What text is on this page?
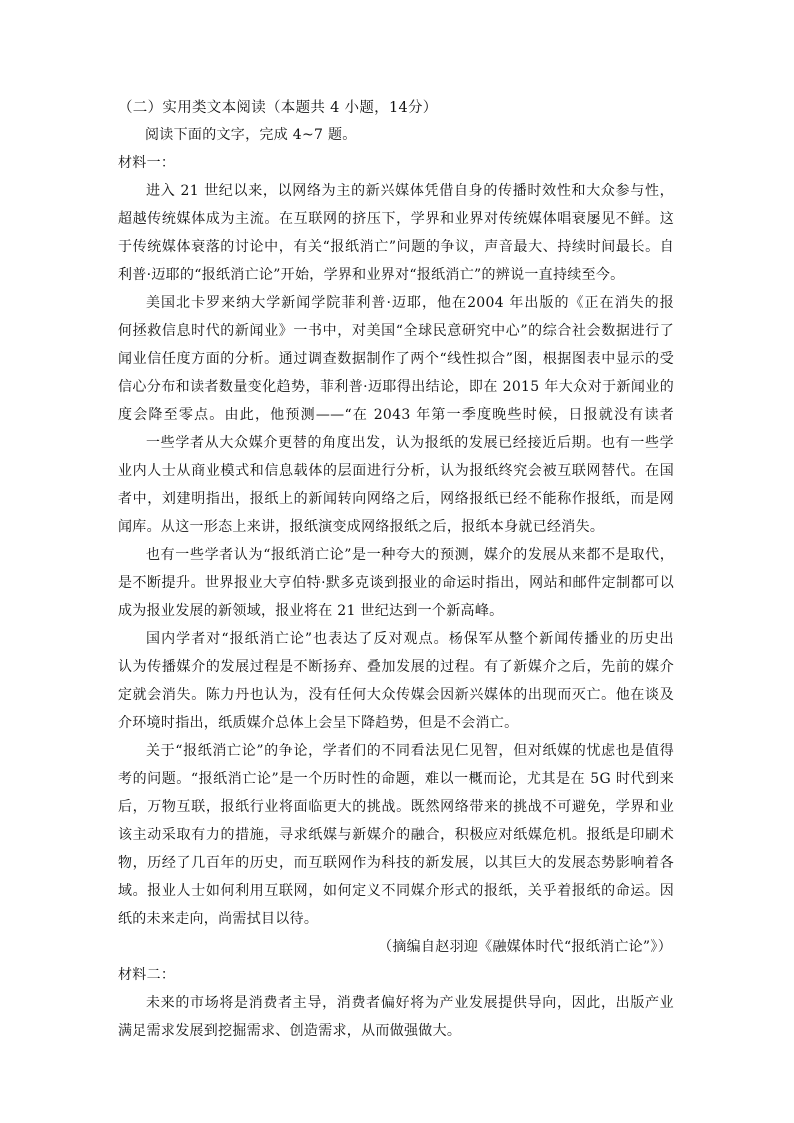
（二）实用类文本阅读（本题共 4 小题，14分）
阅读下面的文字，完成 4~7 题。
材料一：
进入 21 世纪以来，以网络为主的新兴媒体凭借自身的传播时效性和大众参与性，
超越传统媒体成为主流。在互联网的挤压下，学界和业界对传统媒体唱衰屡见不鲜。这
于传统媒体衰落的讨论中，有关“报纸消亡”问题的争议，声音最大、持续时间最长。自
利普·迈耶的“报纸消亡论”开始，学界和业界对“报纸消亡”的辨说一直持续至今。
美国北卡罗来纳大学新闻学院菲利普·迈耶，他在2004 年出版的《正在消失的报
何拯救信息时代的新闻业》一书中，对美国“全球民意研究中心”的综合社会数据进行了
闻业信任度方面的分析。通过调查数据制作了两个“线性拟合”图，根据图表中显示的受
信心分布和读者数量变化趋势，菲利普·迈耶得出结论，即在 2015 年大众对于新闻业的
度会降至零点。由此，他预测——“在 2043 年第一季度晚些时候，日报就没有读者
一些学者从大众媒介更替的角度出发，认为报纸的发展已经接近后期。也有一些学
业内人士从商业模式和信息载体的层面进行分析，认为报纸终究会被互联网替代。在国
者中，刘建明指出，报纸上的新闻转向网络之后，网络报纸已经不能称作报纸，而是网
闻库。从这一形态上来讲，报纸演变成网络报纸之后，报纸本身就已经消失。
也有一些学者认为“报纸消亡论”是一种夸大的预测，媒介的发展从来都不是取代，
是不断提升。世界报业大亨伯特·默多克谈到报业的命运时指出，网站和邮件定制都可以
成为报业发展的新领域，报业将在 21 世纪达到一个新高峰。
国内学者对“报纸消亡论”也表达了反对观点。杨保军从整个新闻传播业的历史出
认为传播媒介的发展过程是不断扬弃、叠加发展的过程。有了新媒介之后，先前的媒介
定就会消失。陈力丹也认为，没有任何大众传媒会因新兴媒体的出现而灭亡。他在谈及
介环境时指出，纸质媒介总体上会呈下降趋势，但是不会消亡。
关于“报纸消亡论”的争论，学者们的不同看法见仁见智，但对纸媒的忧虑也是值得
考的问题。“报纸消亡论”是一个历时性的命题，难以一概而论，尤其是在 5G 时代到来
后，万物互联，报纸行业将面临更大的挑战。既然网络带来的挑战不可避免，学界和业
该主动采取有力的措施，寻求纸媒与新媒介的融合，积极应对纸媒危机。报纸是印刷术
物，历经了几百年的历史，而互联网作为科技的新发展，以其巨大的发展态势影响着各
域。报业人士如何利用互联网，如何定义不同媒介形式的报纸，关乎着报纸的命运。因
纸的未来走向，尚需拭目以待。
（摘编自赵羽迎《融媒体时代“报纸消亡论”》）
材料二：
未来的市场将是消费者主导，消费者偏好将为产业发展提供导向，因此，出版产业
满足需求发展到挖掘需求、创造需求，从而做强做大。
